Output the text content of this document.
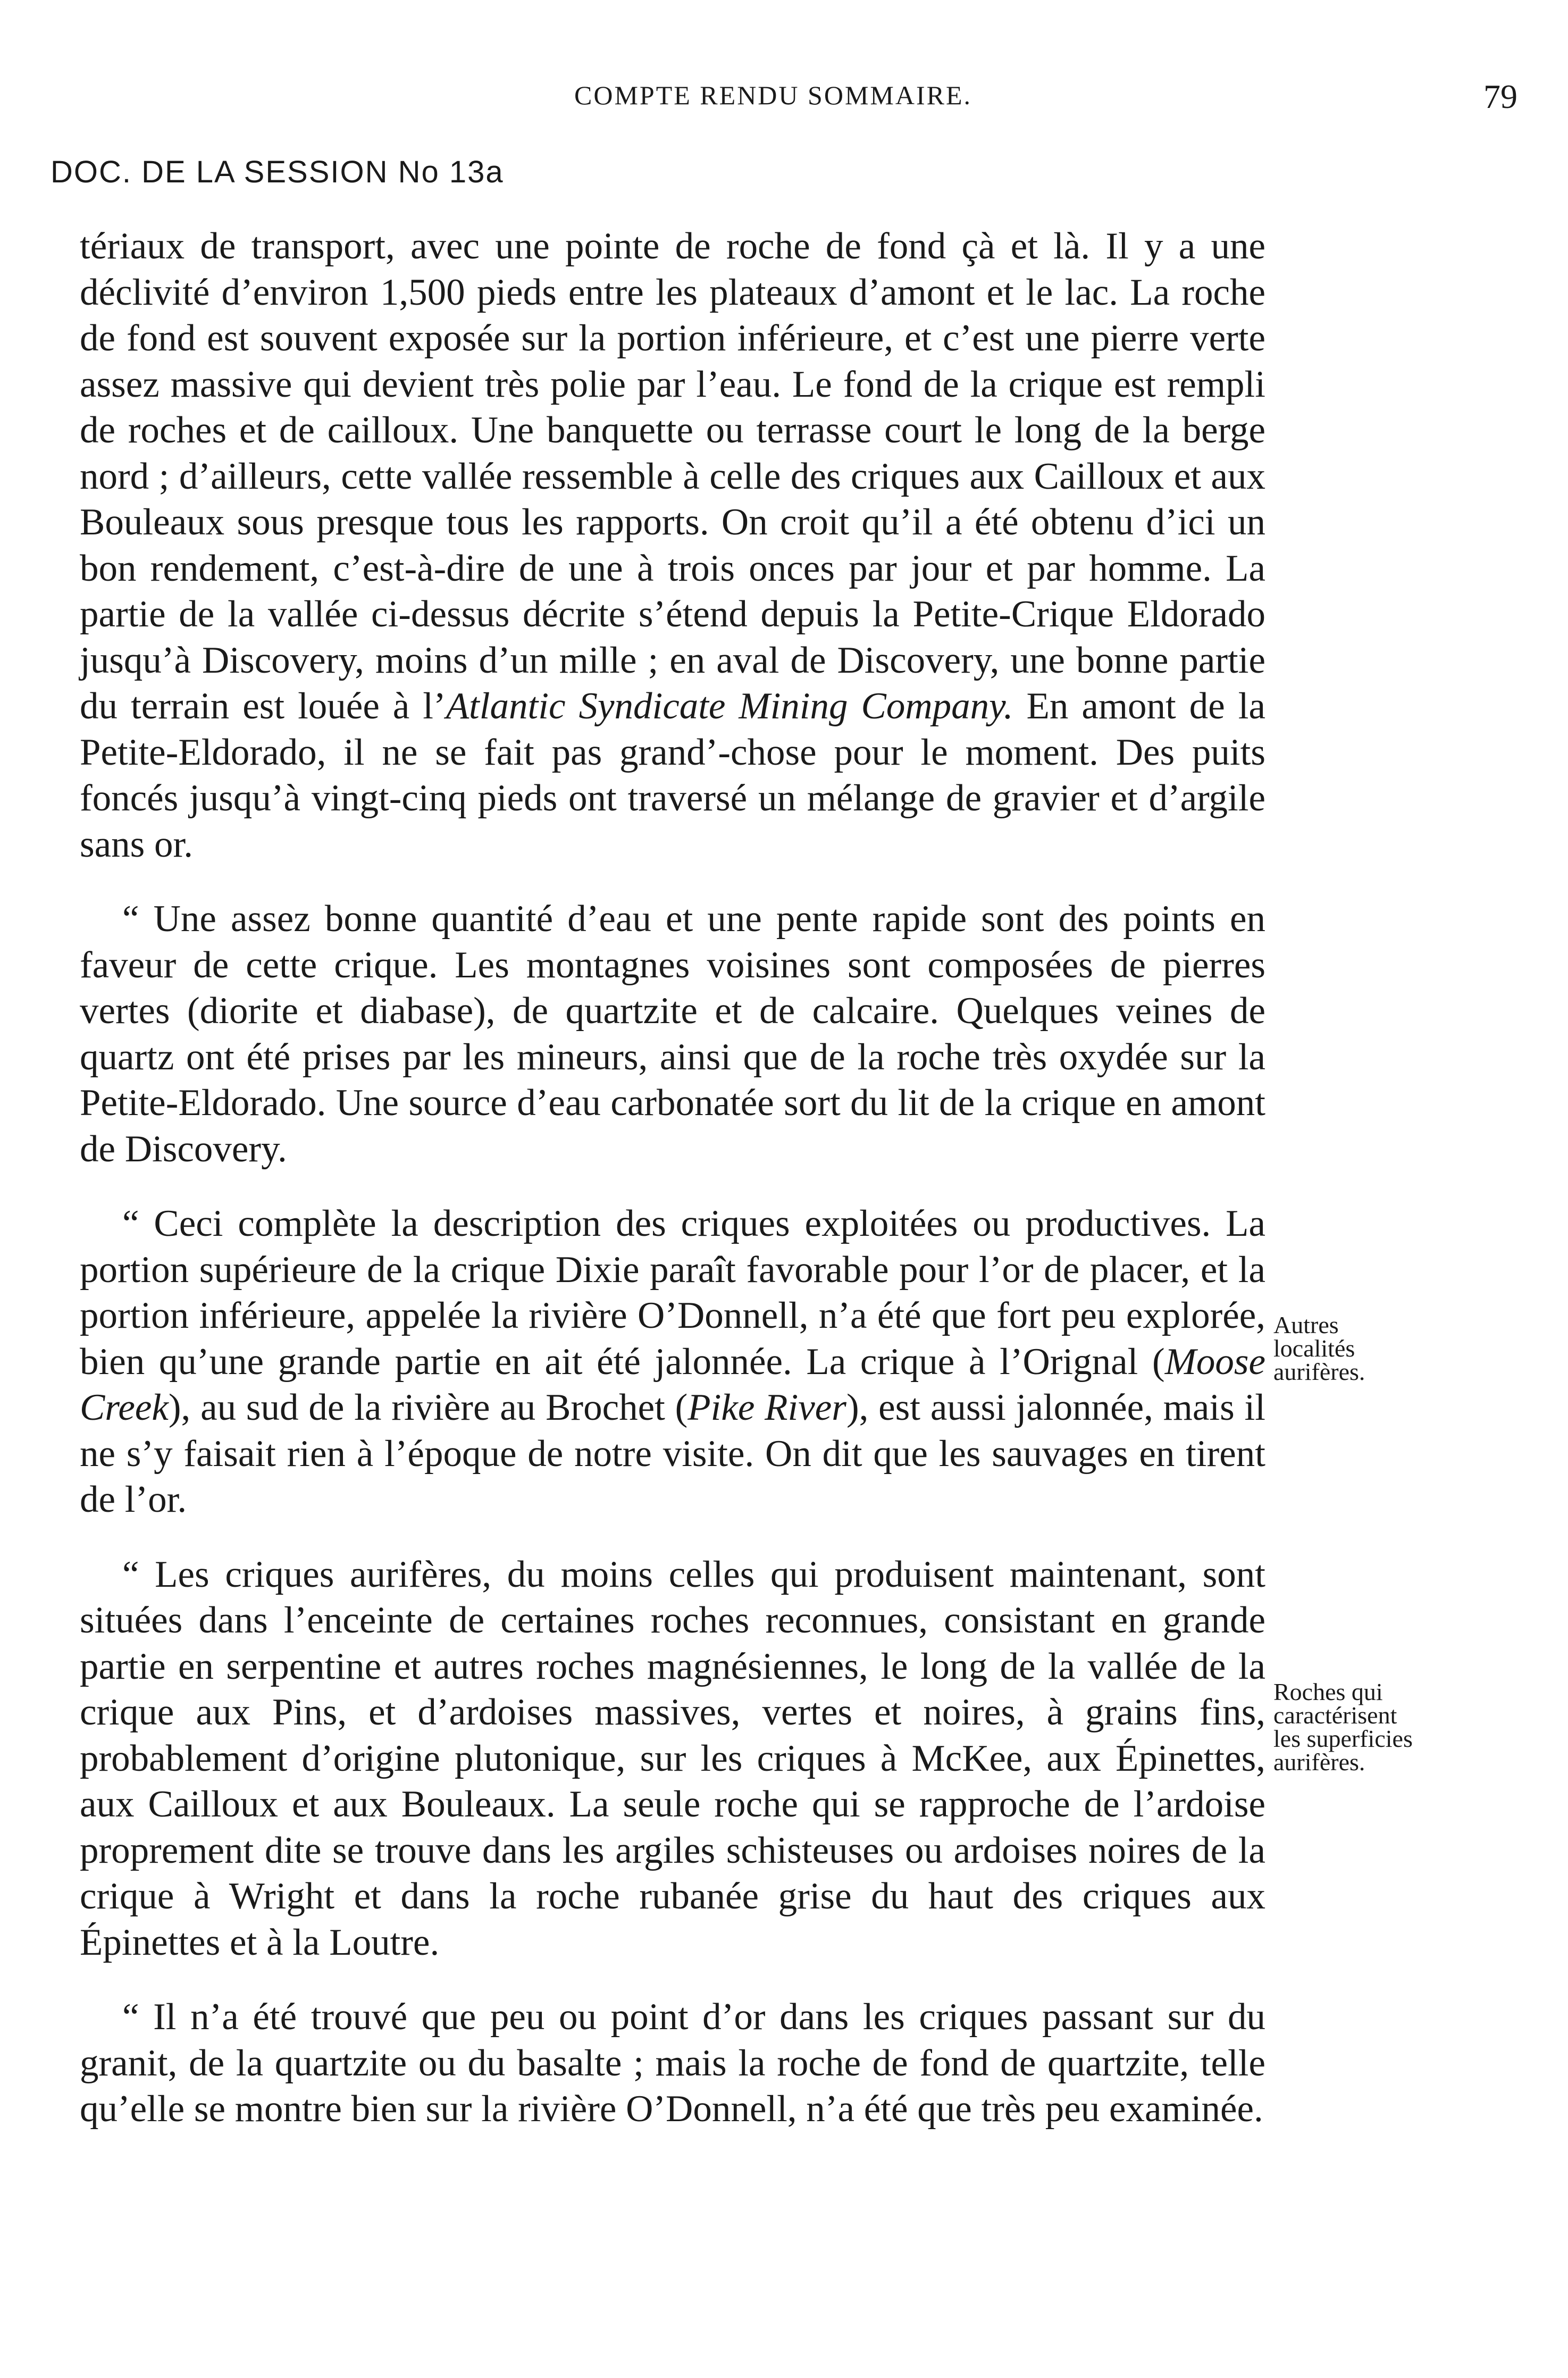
COMPTE RENDU SOMMAIRE.	79
DOC. DE LA SESSION No 13a

tériaux de transport, avec une pointe de roche de fond çà et là. Il y a une déclivité d’environ 1,500 pieds entre les plateaux d’amont et le lac. La roche de fond est souvent exposée sur la portion inférieure, et c’est une pierre verte assez massive qui devient très polie par l’eau. Le fond de la crique est rempli de roches et de cailloux. Une banquette ou terrasse court le long de la berge nord ; d’ailleurs, cette vallée ressemble à celle des criques aux Cailloux et aux Bouleaux sous presque tous les rapports. On croit qu’il a été obtenu d’ici un bon rendement, c’est-à-dire de une à trois onces par jour et par homme. La partie de la vallée ci-dessus décrite s’étend depuis la Petite-Crique Eldorado jusqu’à Discovery, moins d’un mille ; en aval de Discovery, une bonne partie du terrain est louée à l’Atlantic Syndicate Mining Company. En amont de la Petite-Eldorado, il ne se fait pas grand’-chose pour le moment. Des puits foncés jusqu’à vingt-cinq pieds ont traversé un mélange de gravier et d’argile sans or.

“ Une assez bonne quantité d’eau et une pente rapide sont des points en faveur de cette crique. Les montagnes voisines sont composées de pierres vertes (diorite et diabase), de quartzite et de calcaire. Quelques veines de quartz ont été prises par les mineurs, ainsi que de la roche très oxydée sur la Petite-Eldorado. Une source d’eau carbonatée sort du lit de la crique en amont de Discovery.

“ Ceci complète la description des criques exploitées ou productives. La portion supérieure de la crique Dixie paraît favorable pour l’or de placer, et la portion inférieure, appelée la rivière O’Donnell, n’a été que fort peu explorée, bien qu’une grande partie en ait été jalonnée. La crique à l’Orignal (Moose Creek), au sud de la rivière au Brochet (Pike River), est aussi jalonnée, mais il ne s’y faisait rien à l’époque de notre visite. On dit que les sauvages en tirent de l’or.

“ Les criques aurifères, du moins celles qui produisent maintenant, sont situées dans l’enceinte de certaines roches reconnues, consistant en grande partie en serpentine et autres roches magnésiennes, le long de la vallée de la crique aux Pins, et d’ardoises massives, vertes et noires, à grains fins, probablement d’origine plutonique, sur les criques à McKee, aux Épinettes, aux Cailloux et aux Bouleaux. La seule roche qui se rapproche de l’ardoise proprement dite se trouve dans les argiles schisteuses ou ardoises noires de la crique à Wright et dans la roche rubanée grise du haut des criques aux Épinettes et à la Loutre.

“ Il n’a été trouvé que peu ou point d’or dans les criques passant sur du granit, de la quartzite ou du basalte ; mais la roche de fond de quartzite, telle qu’elle se montre bien sur la rivière O’Donnell, n’a été que très peu examinée.

Autres
localités
aurifères.
Roches qui
caractérisent
les superficies
aurifères.
